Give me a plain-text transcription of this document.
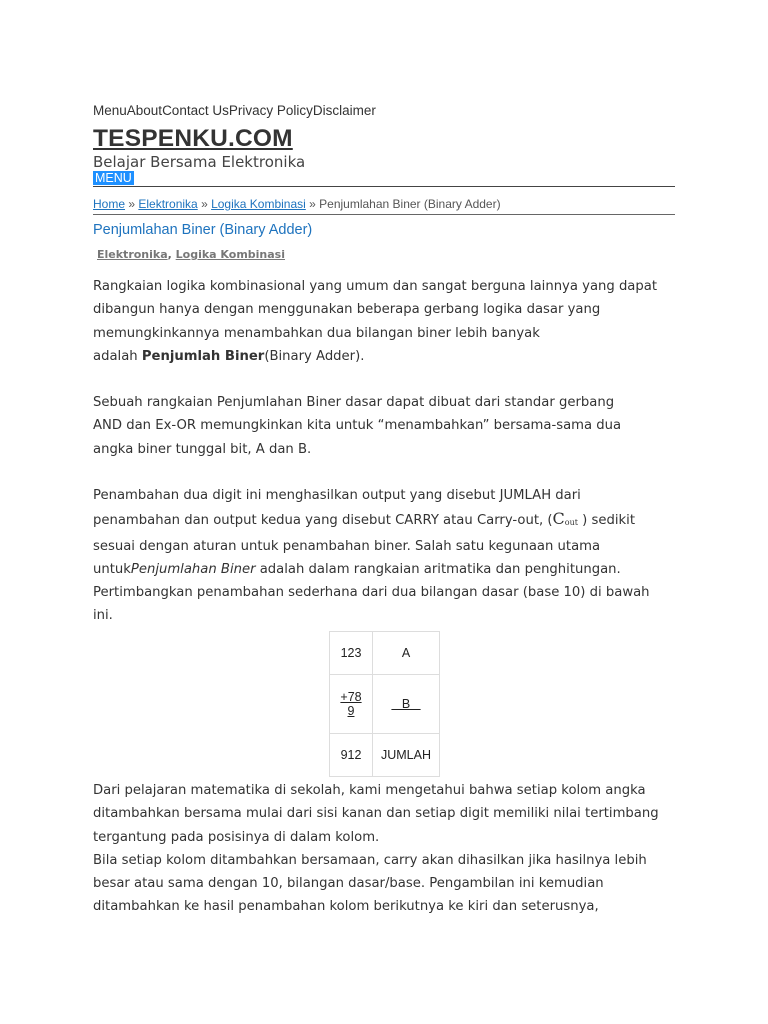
MenuAboutContact UsPrivacy PolicyDisclaimer
TESPENKU.COM
Belajar Bersama Elektronika
MENU
Home » Elektronika » Logika Kombinasi » Penjumlahan Biner (Binary Adder)
Penjumlahan Biner (Binary Adder)
Elektronika, Logika Kombinasi

Rangkaian logika kombinasional yang umum dan sangat berguna lainnya yang dapat
dibangun hanya dengan menggunakan beberapa gerbang logika dasar yang
memungkinkannya menambahkan dua bilangan biner lebih banyak
adalah Penjumlah Biner(Binary Adder).

Sebuah rangkaian Penjumlahan Biner dasar dapat dibuat dari standar gerbang
AND dan Ex-OR memungkinkan kita untuk “menambahkan” bersama-sama dua
angka biner tunggal bit, A dan B.

Penambahan dua digit ini menghasilkan output yang disebut JUMLAH dari
penambahan dan output kedua yang disebut CARRY atau Carry-out, ($C_{out}$ ) sedikit
sesuai dengan aturan untuk penambahan biner. Salah satu kegunaan utama
untukPenjumlahan Biner adalah dalam rangkaian aritmatika dan penghitungan.
Pertimbangkan penambahan sederhana dari dua bilangan dasar (base 10) di bawah
ini.

123	A
+78
9	B
912	JUMLAH

Dari pelajaran matematika di sekolah, kami mengetahui bahwa setiap kolom angka
ditambahkan bersama mulai dari sisi kanan dan setiap digit memiliki nilai tertimbang
tergantung pada posisinya di dalam kolom.
Bila setiap kolom ditambahkan bersamaan, carry akan dihasilkan jika hasilnya lebih
besar atau sama dengan 10, bilangan dasar/base. Pengambilan ini kemudian
ditambahkan ke hasil penambahan kolom berikutnya ke kiri dan seterusnya,
